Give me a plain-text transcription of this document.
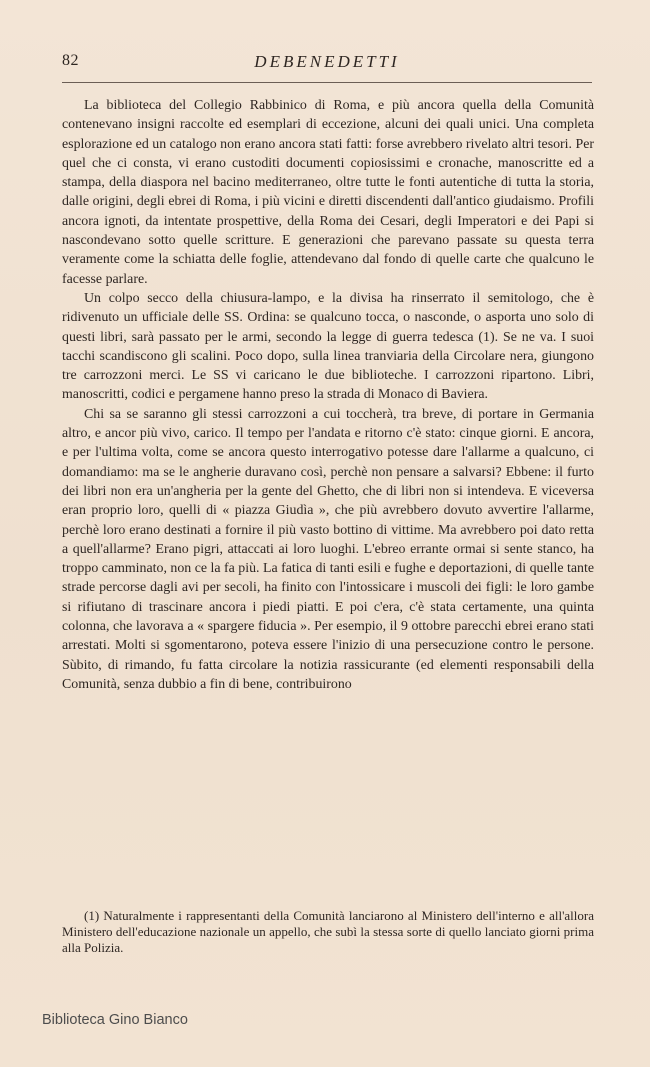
82	DEBENEDETTI

La biblioteca del Collegio Rabbinico di Roma, e più ancora quella della Comunità contenevano insigni raccolte ed esemplari di eccezione, alcuni dei quali unici. Una completa esplorazione ed un catalogo non erano ancora stati fatti: forse avrebbero rivelato altri tesori. Per quel che ci consta, vi erano custoditi documenti copiosissimi e cronache, manoscritte ed a stampa, della diaspora nel bacino mediterraneo, oltre tutte le fonti autentiche di tutta la storia, dalle origini, degli ebrei di Roma, i più vicini e diretti discendenti dall'antico giudaismo. Profili ancora ignoti, da intentate prospettive, della Roma dei Cesari, degli Imperatori e dei Papi si nascondevano sotto quelle scritture. E generazioni che parevano passate su questa terra veramente come la schiatta delle foglie, attendevano dal fondo di quelle carte che qualcuno le facesse parlare.

Un colpo secco della chiusura-lampo, e la divisa ha rinserrato il semitologo, che è ridivenuto un ufficiale delle SS. Ordina: se qualcuno tocca, o nasconde, o asporta uno solo di questi libri, sarà passato per le armi, secondo la legge di guerra tedesca (1). Se ne va. I suoi tacchi scandiscono gli scalini. Poco dopo, sulla linea tranviaria della Circolare nera, giungono tre carrozzoni merci. Le SS vi caricano le due biblioteche. I carrozzoni ripartono. Libri, manoscritti, codici e pergamene hanno preso la strada di Monaco di Baviera.

Chi sa se saranno gli stessi carrozzoni a cui toccherà, tra breve, di portare in Germania altro, e ancor più vivo, carico. Il tempo per l'andata e ritorno c'è stato: cinque giorni. E ancora, e per l'ultima volta, come se ancora questo interrogativo potesse dare l'allarme a qualcuno, ci domandiamo: ma se le angherie duravano così, perchè non pensare a salvarsi? Ebbene: il furto dei libri non era un'angheria per la gente del Ghetto, che di libri non si intendeva. E viceversa eran proprio loro, quelli di « piazza Giudìa », che più avrebbero dovuto avvertire l'allarme, perchè loro erano destinati a fornire il più vasto bottino di vittime. Ma avrebbero poi dato retta a quell'allarme? Erano pigri, attaccati ai loro luoghi. L'ebreo errante ormai si sente stanco, ha troppo camminato, non ce la fa più. La fatica di tanti esili e fughe e deportazioni, di quelle tante strade percorse dagli avi per secoli, ha finito con l'intossicare i muscoli dei figli: le loro gambe si rifiutano di trascinare ancora i piedi piatti. E poi c'era, c'è stata certamente, una quinta colonna, che lavorava a « spargere fiducia ». Per esempio, il 9 ottobre parecchi ebrei erano stati arrestati. Molti si sgomentarono, poteva essere l'inizio di una persecuzione contro le persone. Sùbito, di rimando, fu fatta circolare la notizia rassicurante (ed elementi responsabili della Comunità, senza dubbio a fin di bene, contribuirono

(1) Naturalmente i rappresentanti della Comunità lanciarono al Ministero dell'interno e all'allora Ministero dell'educazione nazionale un appello, che subì la stessa sorte di quello lanciato giorni prima alla Polizia.

Biblioteca Gino Bianco
